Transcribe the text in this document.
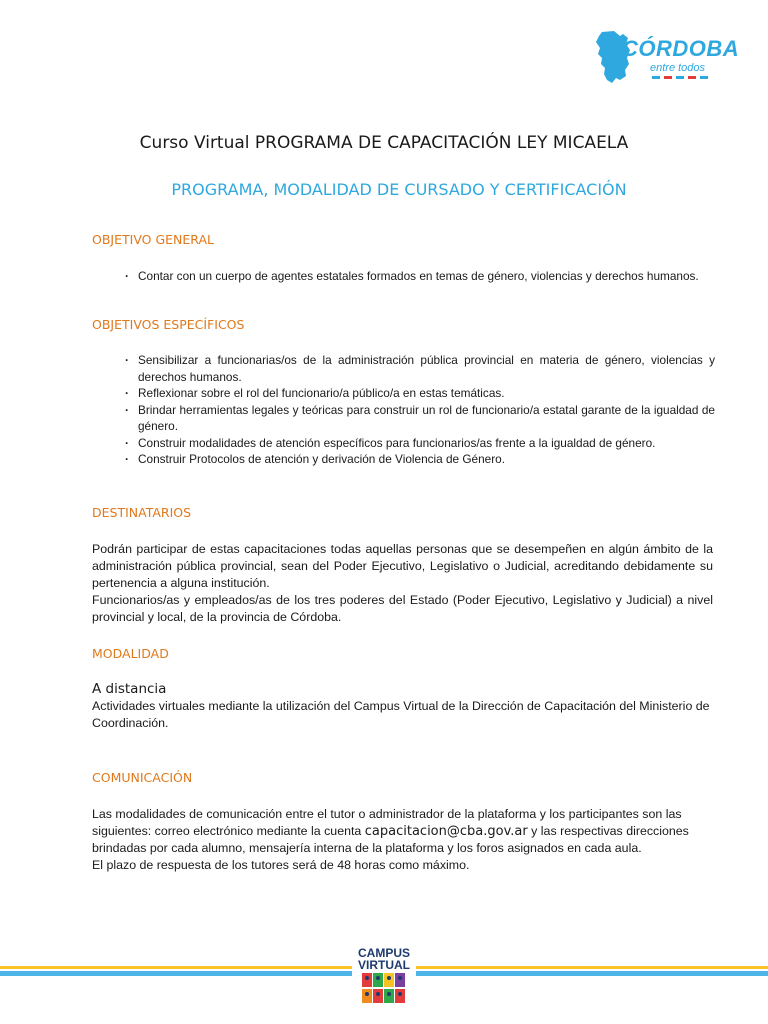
CÓRDOBA
entre todos
Curso Virtual PROGRAMA DE CAPACITACIÓN LEY MICAELA
PROGRAMA, MODALIDAD DE CURSADO Y CERTIFICACIÓN
OBJETIVO GENERAL
· Contar con un cuerpo de agentes estatales formados en temas de género, violencias y derechos humanos.
OBJETIVOS ESPECÍFICOS
· Sensibilizar a funcionarias/os de la administración pública provincial en materia de género, violencias y derechos humanos.
· Reflexionar sobre el rol del funcionario/a público/a en estas temáticas.
· Brindar herramientas legales y teóricas para construir un rol de funcionario/a estatal garante de la igualdad de género.
· Construir modalidades de atención específicos para funcionarios/as frente a la igualdad de género.
· Construir Protocolos de atención y derivación de Violencia de Género.
DESTINATARIOS

Podrán participar de estas capacitaciones todas aquellas personas que se desempeñen en algún ámbito de la administración pública provincial, sean del Poder Ejecutivo, Legislativo o Judicial, acreditando debidamente su pertenencia a alguna institución.

Funcionarios/as y empleados/as de los tres poderes del Estado (Poder Ejecutivo, Legislativo y Judicial) a nivel provincial y local, de la provincia de Córdoba.

MODALIDAD

A distancia

Actividades virtuales mediante la utilización del Campus Virtual de la Dirección de Capacitación del Ministerio de Coordinación.

COMUNICACIÓN

Las modalidades de comunicación entre el tutor o administrador de la plataforma y los participantes son las siguientes: correo electrónico mediante la cuenta capacitacion@cba.gov.ar y las respectivas direcciones brindadas por cada alumno, mensajería interna de la plataforma y los foros asignados en cada aula.

El plazo de respuesta de los tutores será de 48 horas como máximo.

CAMPUS
VIRTUAL
